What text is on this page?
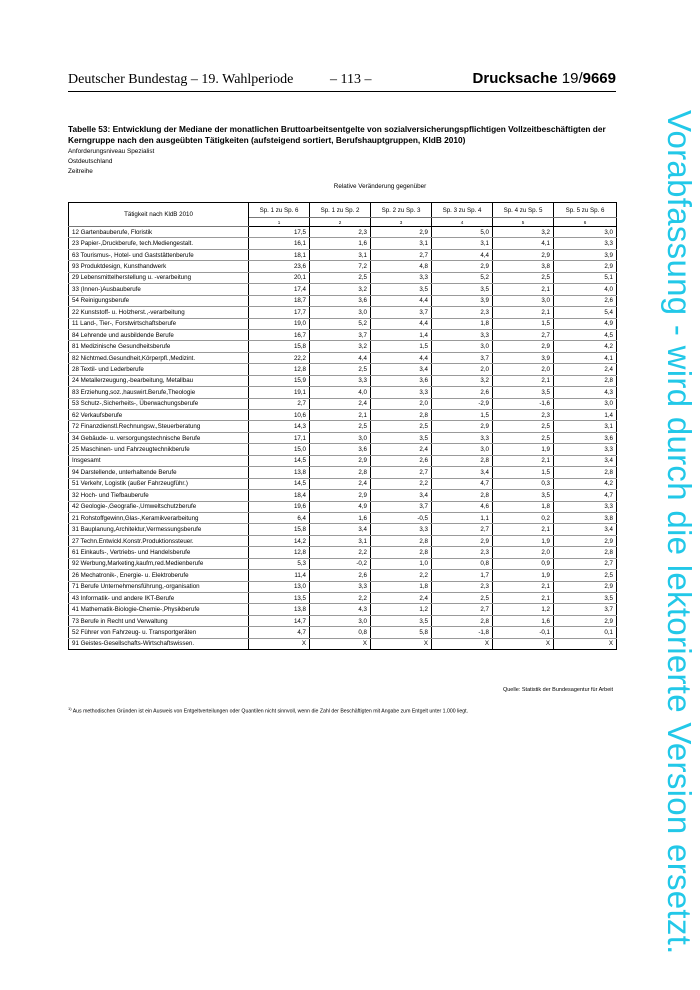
Deutscher Bundestag – 19. Wahlperiode	– 113 –	Drucksache 19/9669
Vorabfassung - wird durch die lektorierte Version ersetzt.
Tabelle 53: Entwicklung der Mediane der monatlichen Bruttoarbeitsentgelte von sozialversicherungspflichtigen Vollzeitbeschäftigten der Kerngruppe nach den ausgeübten Tätigkeiten (aufsteigend sortiert, Berufshauptgruppen, KldB 2010)
Anforderungsniveau Spezialist
Ostdeutschland
Zeitreihe
Relative Veränderung gegenüber
Tätigkeit nach KldB 2010	Sp. 1 zu Sp. 6	Sp. 1 zu Sp. 2	Sp. 2 zu Sp. 3	Sp. 3 zu Sp. 4	Sp. 4 zu Sp. 5	Sp. 5 zu Sp. 6
	1	2	3	4	5	6
12 Gartenbauberufe, Floristik	17,5	2,3	2,9	5,0	3,2	3,0
23 Papier-,Druckberufe, tech.Mediengestalt.	16,1	1,6	3,1	3,1	4,1	3,3
63 Tourismus-, Hotel- und Gaststättenberufe	18,1	3,1	2,7	4,4	2,9	3,9
93 Produktdesign, Kunsthandwerk	23,6	7,2	4,8	2,9	3,8	2,9
29 Lebensmittelherstellung u. -verarbeitung	20,1	2,5	3,3	5,2	2,5	5,1
33 (Innen-)Ausbauberufe	17,4	3,2	3,5	3,5	2,1	4,0
54 Reinigungsberufe	18,7	3,6	4,4	3,9	3,0	2,6
22 Kunststoff- u. Holzherst.,-verarbeitung	17,7	3,0	3,7	2,3	2,1	5,4
11 Land-, Tier-, Forstwirtschaftsberufe	19,0	5,2	4,4	1,8	1,5	4,9
84 Lehrende und ausbildende Berufe	16,7	3,7	1,4	3,3	2,7	4,5
81 Medizinische Gesundheitsberufe	15,8	3,2	1,5	3,0	2,9	4,2
82 Nichtmed.Gesundheit,Körperpfl.,Medizint.	22,2	4,4	4,4	3,7	3,9	4,1
28 Textil- und Lederberufe	12,8	2,5	3,4	2,0	2,0	2,4
24 Metallerzeugung,-bearbeitung, Metallbau	15,9	3,3	3,6	3,2	2,1	2,8
83 Erziehung,soz.,hauswirt.Berufe,Theologie	19,1	4,0	3,3	2,6	3,5	4,3
53 Schutz-,Sicherheits-, Überwachungsberufe	2,7	2,4	2,0	-2,9	-1,6	3,0
62 Verkaufsberufe	10,6	2,1	2,8	1,5	2,3	1,4
72 Finanzdienstl.Rechnungsw.,Steuerberatung	14,3	2,5	2,5	2,9	2,5	3,1
34 Gebäude- u. versorgungstechnische Berufe	17,1	3,0	3,5	3,3	2,5	3,6
25 Maschinen- und Fahrzeugtechnikberufe	15,0	3,6	2,4	3,0	1,9	3,3
Insgesamt	14,5	2,9	2,6	2,8	2,1	3,4
94 Darstellende, unterhaltende Berufe	13,8	2,8	2,7	3,4	1,5	2,8
51 Verkehr, Logistik (außer Fahrzeugführ.)	14,5	2,4	2,2	4,7	0,3	4,2
32 Hoch- und Tiefbauberufe	18,4	2,9	3,4	2,8	3,5	4,7
42 Geologie-,Geografie-,Umweltschutzberufe	19,6	4,9	3,7	4,6	1,8	3,3
21 Rohstoffgewinn,Glas-,Keramikverarbeitung	6,4	1,6	-0,5	1,1	0,2	3,8
31 Bauplanung,Architektur,Vermessungsberufe	15,8	3,4	3,3	2,7	2,1	3,4
27 Techn.Entwickl.Konstr.Produktionssteuer.	14,2	3,1	2,8	2,9	1,9	2,9
61 Einkaufs-, Vertriebs- und Handelsberufe	12,8	2,2	2,8	2,3	2,0	2,8
92 Werbung,Marketing,kaufm,red.Medienberufe	5,3	-0,2	1,0	0,8	0,9	2,7
26 Mechatronik-, Energie- u. Elektroberufe	11,4	2,6	2,2	1,7	1,9	2,5
71 Berufe Unternehmensführung,-organisation	13,0	3,3	1,8	2,3	2,1	2,9
43 Informatik- und andere IKT-Berufe	13,5	2,2	2,4	2,5	2,1	3,5
41 Mathematik-Biologie-Chemie-,Physikberufe	13,8	4,3	1,2	2,7	1,2	3,7
73 Berufe in Recht und Verwaltung	14,7	3,0	3,5	2,8	1,6	2,9
52 Führer von Fahrzeug- u. Transportgeräten	4,7	0,8	5,8	-1,8	-0,1	0,1
91 Geistes-Gesellschafts-Wirtschaftswissen.	X	X	X	X	X	X
Quelle: Statistik der Bundesagentur für Arbeit
$^{1)}$ Aus methodischen Gründen ist ein Ausweis von Entgeltverteilungen oder Quantilen nicht sinnvoll, wenn die Zahl der Beschäftigten mit Angabe zum Entgelt unter 1.000 liegt.
